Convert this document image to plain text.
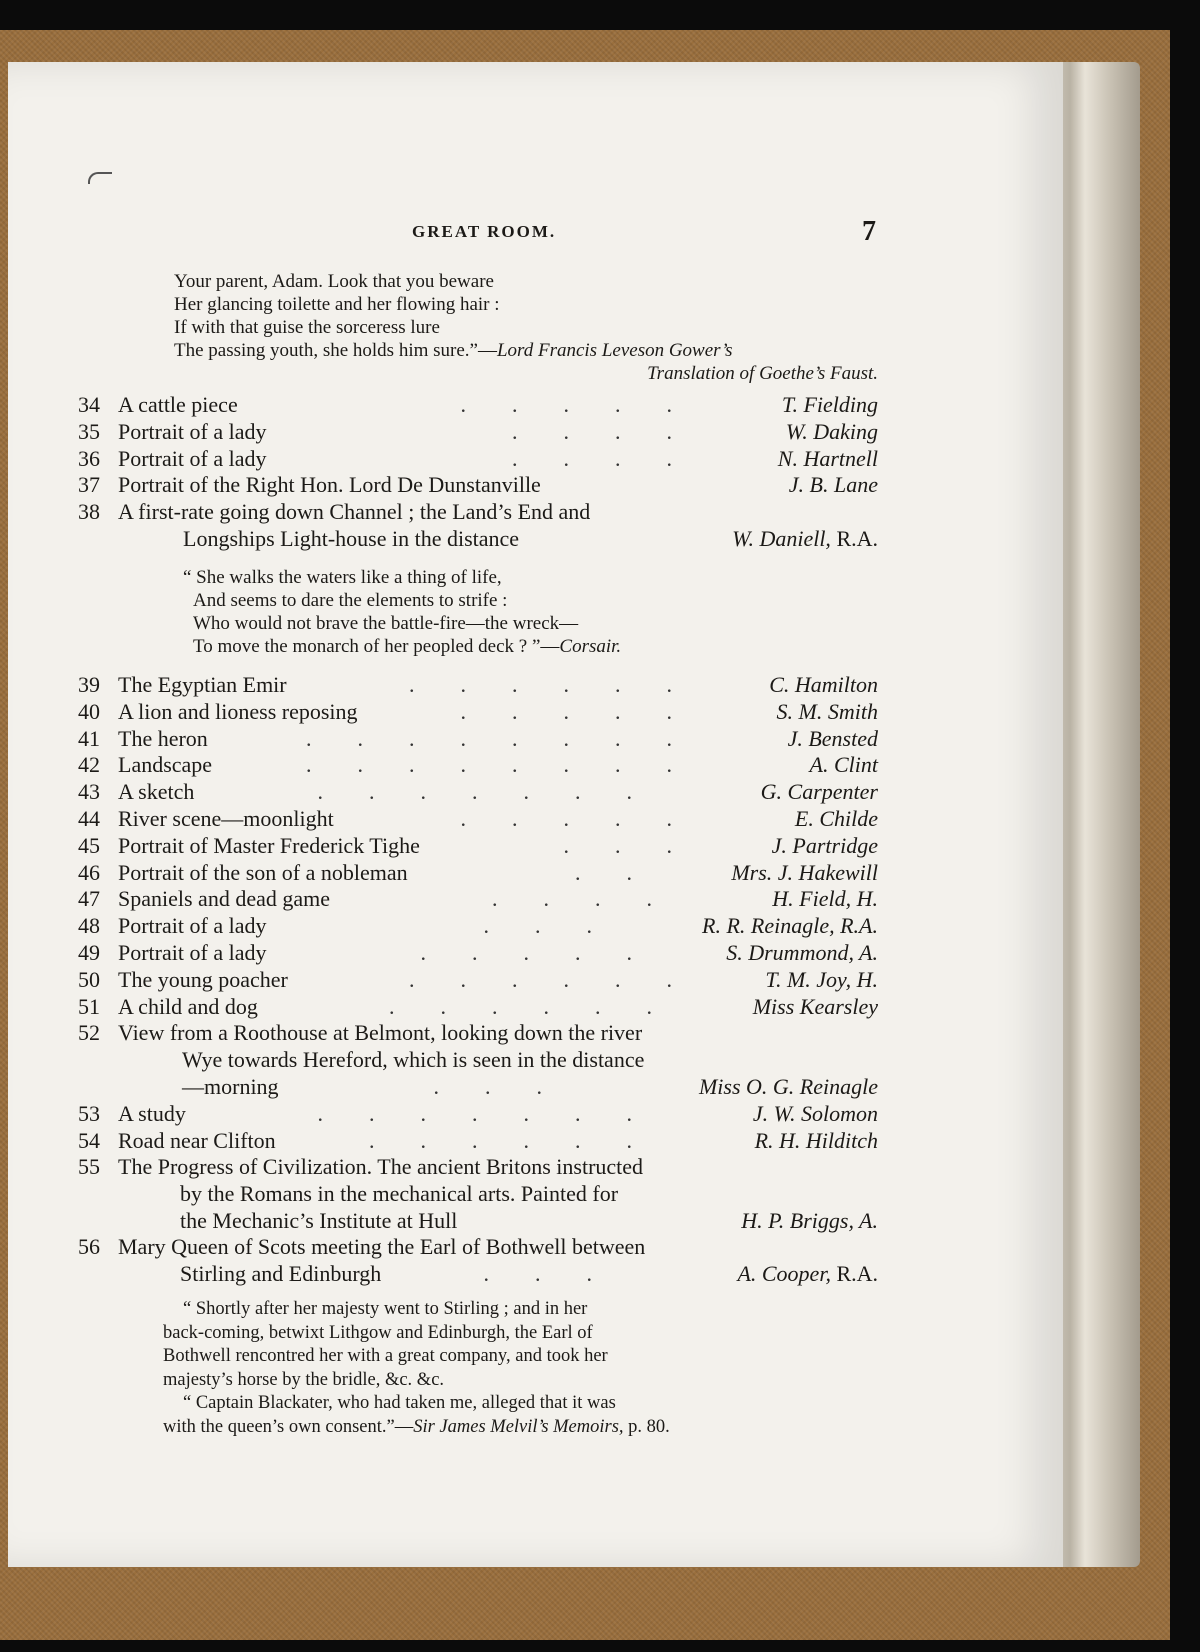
GREAT ROOM.	7
Your parent, Adam. Look that you beware
Her glancing toilette and her flowing hair :
If with that guise the sorceress lure
The passing youth, she holds him sure.”—Lord Francis Leveson Gower’s
Translation of Goethe’s Faust.
34 A cattle piece	.....	T. Fielding
35 Portrait of a lady	....	W. Daking
36 Portrait of a lady	....	N. Hartnell
37 Portrait of the Right Hon. Lord De Dunstanville	J. B. Lane
38 A first-rate going down Channel ; the Land’s End and
Longships Light-house in the distance	W. Daniell, R.A.
“ She walks the waters like a thing of life,
And seems to dare the elements to strife :
Who would not brave the battle-fire—the wreck—
To move the monarch of her peopled deck ? ”—Corsair.
39 The Egyptian Emir	...... C. Hamilton
40 A lion and lioness reposing	.....	S. M. Smith
41 The heron	........	J. Bensted
42 Landscape	........	A. Clint
43 A sketch	.......	G. Carpenter
44 River scene—moonlight	.....	E. Childe
45 Portrait of Master Frederick Tighe	... J. Partridge
46 Portrait of the son of a nobleman	.. Mrs. J. Hakewill
47 Spaniels and dead game	....	H. Field, H.
48 Portrait of a lady	...	R. R. Reinagle, R.A.
49 Portrait of a lady	..... S. Drummond, A.
50 The young poacher	...... T. M. Joy, H.
51 A child and dog	...... Miss Kearsley
52 View from a Roothouse at Belmont, looking down the river
Wye towards Hereford, which is seen in the distance
—morning	...	Miss O. G. Reinagle
53 A study	.......	J. W. Solomon
54 Road near Clifton	......	R. H. Hilditch
55 The Progress of Civilization. The ancient Britons instructed
by the Romans in the mechanical arts. Painted for
the Mechanic’s Institute at Hull	H. P. Briggs, A.
56 Mary Queen of Scots meeting the Earl of Bothwell between
Stirling and Edinburgh	...	A. Cooper, R.A.
“ Shortly after her majesty went to Stirling ; and in her
back-coming, betwixt Lithgow and Edinburgh, the Earl of
Bothwell rencontred her with a great company, and took her
majesty’s horse by the bridle, &c. &c.
“ Captain Blackater, who had taken me, alleged that it was
with the queen’s own consent.”—Sir James Melvil’s Memoirs, p. 80.
